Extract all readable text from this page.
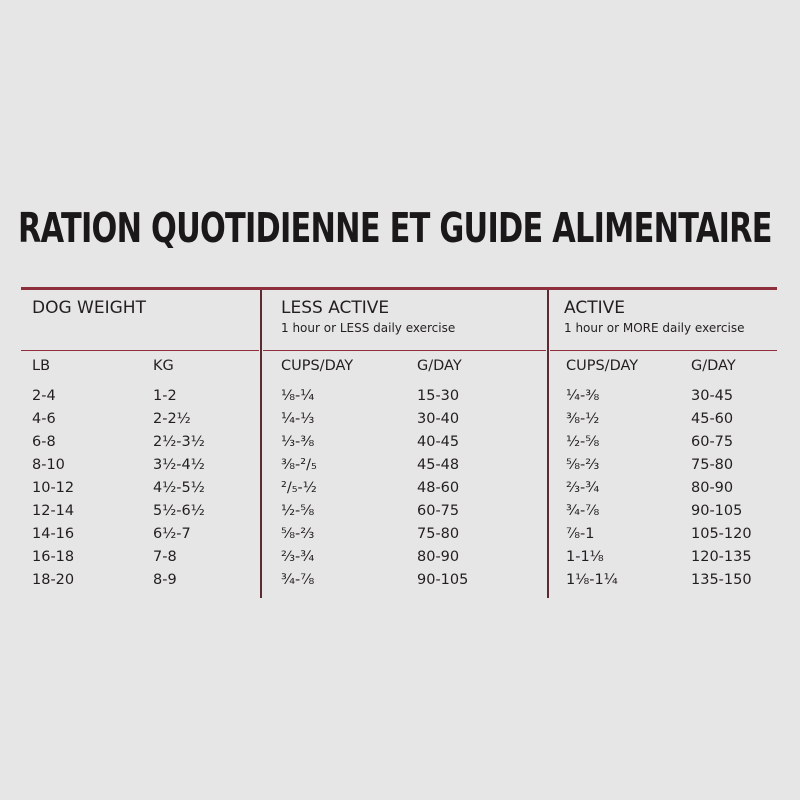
RATION QUOTIDIENNE ET GUIDE ALIMENTAIRE
DOG WEIGHT	LESS ACTIVE
1 hour or LESS daily exercise
ACTIVE
1 hour or MORE daily exercise
LB	KG	CUPS/DAY	G/DAY	CUPS/DAY	G/DAY
2-4	1-2	⅛-¼	15-30	¼-⅜	30-45
4-6	2-2½	¼-⅓	30-40	⅜-½	45-60
6-8	2½-3½	⅓-⅜	40-45	½-⅝	60-75
8-10	3½-4½	⅜-²/₅	45-48	⅝-⅔	75-80
10-12	4½-5½	²/₅-½	48-60	⅔-¾	80-90
12-14	5½-6½	½-⅝	60-75	¾-⅞	90-105
14-16	6½-7	⅝-⅔	75-80	⅞-1	105-120
16-18	7-8	⅔-¾	80-90	1-1⅛	120-135
18-20	8-9	¾-⅞	90-105	1⅛-1¼	135-150
